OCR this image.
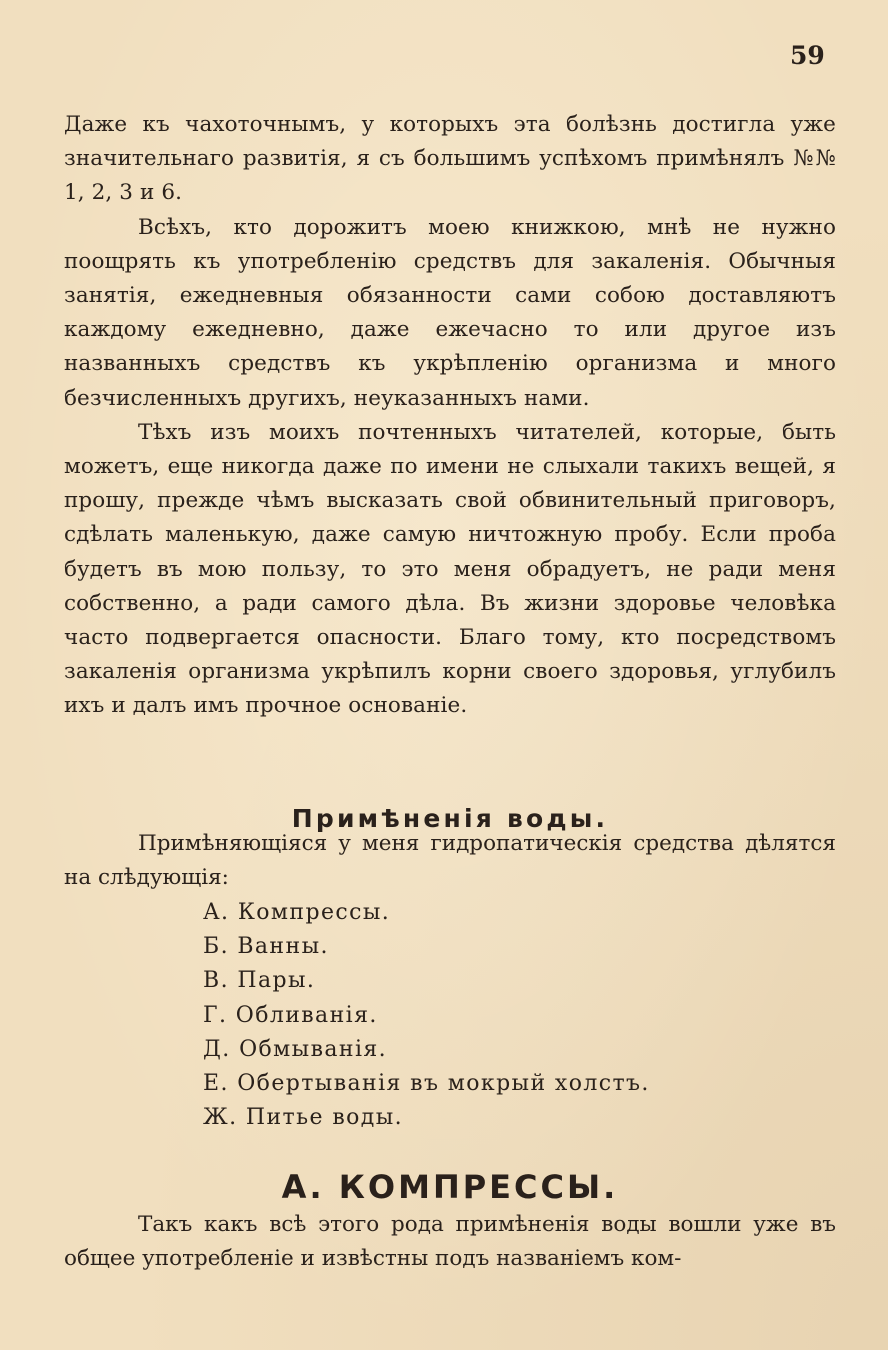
59

Даже къ чахоточнымъ, у которыхъ эта болѣзнь достигла уже значительнаго развитія, я съ большимъ успѣхомъ примѣнялъ №№ 1, 2, 3 и 6.

Всѣхъ, кто дорожитъ моею книжкою, мнѣ не нужно поощрять къ употребленію средствъ для закаленія. Обычныя занятія, ежедневныя обязанности сами собою доставляютъ каждому ежедневно, даже ежечасно то или другое изъ названныхъ средствъ къ укрѣпленію организма и много безчисленныхъ другихъ, неуказанныхъ нами.

Тѣхъ изъ моихъ почтенныхъ читателей, которые, быть можетъ, еще никогда даже по имени не слыхали такихъ вещей, я прошу, прежде чѣмъ высказать свой обвинительный приговоръ, сдѣлать маленькую, даже самую ничтожную пробу. Если проба будетъ въ мою пользу, то это меня обрадуетъ, не ради меня собственно, а ради самого дѣла. Въ жизни здоровье человѣка часто подвергается опасности. Благо тому, кто посредствомъ закаленія организма укрѣпилъ корни своего здоровья, углубилъ ихъ и далъ имъ прочное основаніе.

Примѣненія воды.

Примѣняющіяся у меня гидропатическія средства дѣлятся на слѣдующія:

А. Компрессы.
Б. Ванны.
В. Пары.
Г. Обливанія.
Д. Обмыванія.
Е. Обертыванія въ мокрый холстъ.
Ж. Питье воды.
А. КОМПРЕССЫ.

Такъ какъ всѣ этого рода примѣненія воды вошли уже въ общее употребленіе и извѣстны подъ названіемъ ком-
